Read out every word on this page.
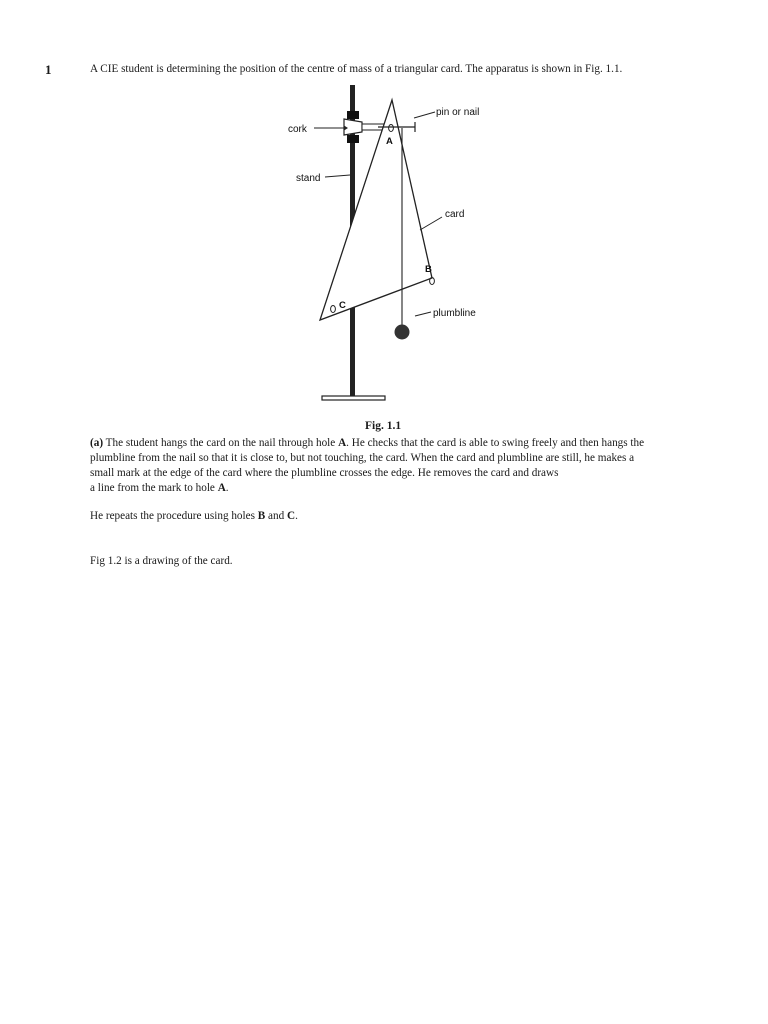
1	A CIE student is determining the position of the centre of mass of a triangular card. The apparatus is shown in Fig. 1.1.
cork
pin or nail
stand
card
plumbline
A
B
C
Fig. 1.1
(a) The student hangs the card on the nail through hole A. He checks that the card is able to swing freely and then hangs the
plumbline from the nail so that it is close to, but not touching, the card. When the card and plumbline are still, he makes a
small mark at the edge of the card where the plumbline crosses the edge. He removes the card and draws
a line from the mark to hole A.
He repeats the procedure using holes B and C.
Fig 1.2 is a drawing of the card.
